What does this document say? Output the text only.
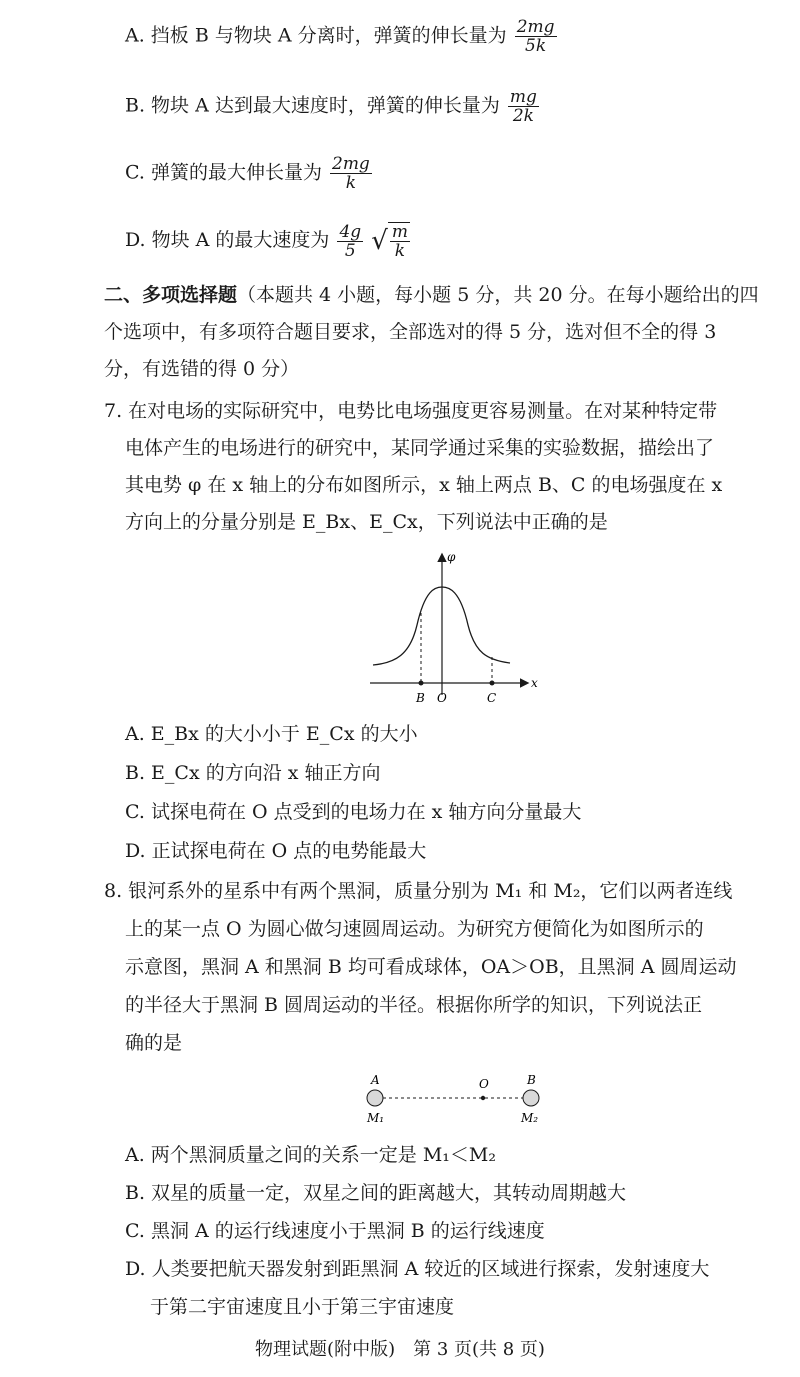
A. 挡板 B 与物块 A 分离时，弹簧的伸长量为 $\frac{2mg}{5k}$
B. 物块 A 达到最大速度时，弹簧的伸长量为 $\frac{mg}{2k}$
C. 弹簧的最大伸长量为 $\frac{2mg}{k}$
D. 物块 A 的最大速度为 $\frac{4g}{5}$
√ $\frac{m}{k}$
二、多项选择题（本题共 4 小题，每小题 5 分，共 20 分。在每小题给出的四
个选项中，有多项符合题目要求，全部选对的得 5 分，选对但不全的得 3
分，有选错的得 0 分）
7. 在对电场的实际研究中，电势比电场强度更容易测量。在对某种特定带
电体产生的电场进行的研究中，某同学通过采集的实验数据，描绘出了
其电势 φ 在 x 轴上的分布如图所示，x 轴上两点 B、C 的电场强度在 x
方向上的分量分别是 E_Bx、E_Cx，下列说法中正确的是
φ
x
B O	C
A. E_Bx 的大小小于 E_Cx 的大小
B. E_Cx 的方向沿 x 轴正方向
C. 试探电荷在 O 点受到的电场力在 x 轴方向分量最大
D. 正试探电荷在 O 点的电势能最大
8. 银河系外的星系中有两个黑洞，质量分别为 M₁ 和 M₂，它们以两者连线
上的某一点 O 为圆心做匀速圆周运动。为研究方便简化为如图所示的
示意图，黑洞 A 和黑洞 B 均可看成球体，OA＞OB，且黑洞 A 圆周运动
的半径大于黑洞 B 圆周运动的半径。根据你所学的知识，下列说法正
确的是
A	O	B
M₁	M₂
A. 两个黑洞质量之间的关系一定是 M₁＜M₂
B. 双星的质量一定，双星之间的距离越大，其转动周期越大
C. 黑洞 A 的运行线速度小于黑洞 B 的运行线速度
D. 人类要把航天器发射到距黑洞 A 较近的区域进行探索，发射速度大
于第二宇宙速度且小于第三宇宙速度
物理试题(附中版)　第 3 页(共 8 页)
